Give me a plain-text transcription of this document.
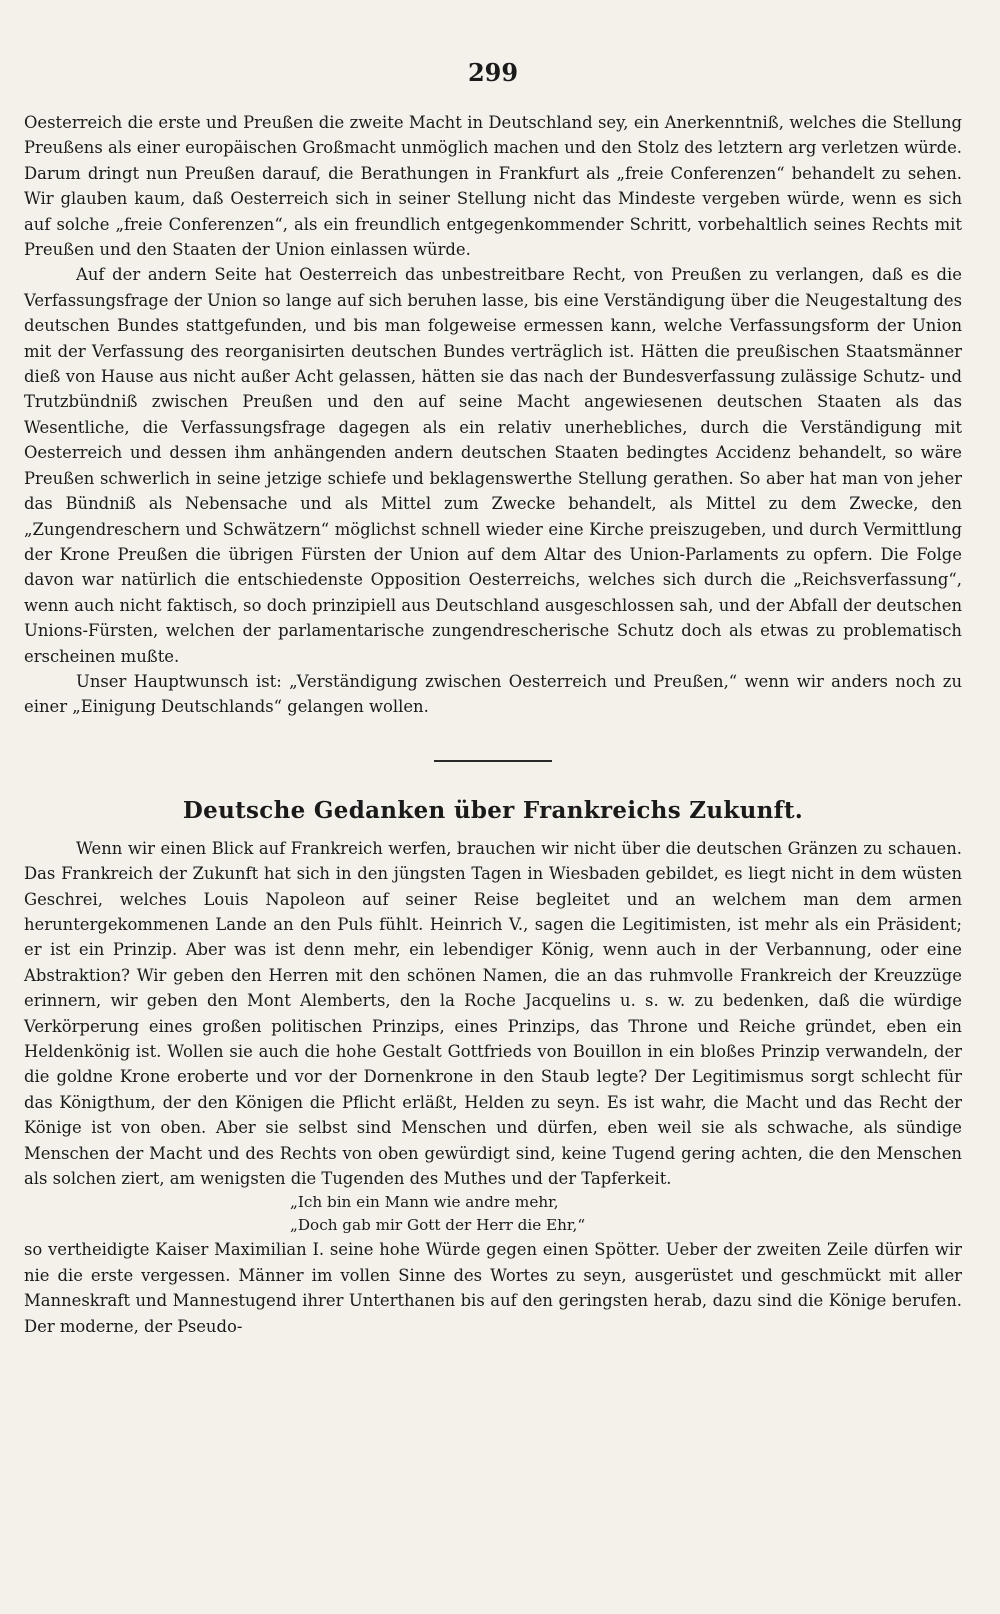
299

Oesterreich die erste und Preußen die zweite Macht in Deutschland sey, ein Anerkenntniß, welches die Stellung Preußens als einer europäischen Großmacht unmöglich machen und den Stolz des letztern arg verletzen würde. Darum dringt nun Preußen darauf, die Berathungen in Frankfurt als „freie Conferenzen“ behandelt zu sehen. Wir glauben kaum, daß Oesterreich sich in seiner Stellung nicht das Mindeste vergeben würde, wenn es sich auf solche „freie Conferenzen“, als ein freundlich entgegenkommender Schritt, vorbehaltlich seines Rechts mit Preußen und den Staaten der Union einlassen würde.

Auf der andern Seite hat Oesterreich das unbestreitbare Recht, von Preußen zu verlangen, daß es die Verfassungsfrage der Union so lange auf sich beruhen lasse, bis eine Verständigung über die Neugestaltung des deutschen Bundes stattgefunden, und bis man folgeweise ermessen kann, welche Verfassungsform der Union mit der Verfassung des reorganisirten deutschen Bundes verträglich ist. Hätten die preußischen Staatsmänner dieß von Hause aus nicht außer Acht gelassen, hätten sie das nach der Bundesverfassung zulässige Schutz- und Trutzbündniß zwischen Preußen und den auf seine Macht angewiesenen deutschen Staaten als das Wesentliche, die Verfassungsfrage dagegen als ein relativ unerhebliches, durch die Verständigung mit Oesterreich und dessen ihm anhängenden andern deutschen Staaten bedingtes Accidenz behandelt, so wäre Preußen schwerlich in seine jetzige schiefe und beklagenswerthe Stellung gerathen. So aber hat man von jeher das Bündniß als Nebensache und als Mittel zum Zwecke behandelt, als Mittel zu dem Zwecke, den „Zungendreschern und Schwätzern“ möglichst schnell wieder eine Kirche preiszugeben, und durch Vermittlung der Krone Preußen die übrigen Fürsten der Union auf dem Altar des Union-Parlaments zu opfern. Die Folge davon war natürlich die entschiedenste Opposition Oesterreichs, welches sich durch die „Reichsverfassung“, wenn auch nicht faktisch, so doch prinzipiell aus Deutschland ausgeschlossen sah, und der Abfall der deutschen Unions-Fürsten, welchen der parlamentarische zungendrescherische Schutz doch als etwas zu problematisch erscheinen mußte.

Unser Hauptwunsch ist: „Verständigung zwischen Oesterreich und Preußen,“ wenn wir anders noch zu einer „Einigung Deutschlands“ gelangen wollen.

Deutsche Gedanken über Frankreichs Zukunft.

Wenn wir einen Blick auf Frankreich werfen, brauchen wir nicht über die deutschen Gränzen zu schauen. Das Frankreich der Zukunft hat sich in den jüngsten Tagen in Wiesbaden gebildet, es liegt nicht in dem wüsten Geschrei, welches Louis Napoleon auf seiner Reise begleitet und an welchem man dem armen heruntergekommenen Lande an den Puls fühlt. Heinrich V., sagen die Legitimisten, ist mehr als ein Präsident; er ist ein Prinzip. Aber was ist denn mehr, ein lebendiger König, wenn auch in der Verbannung, oder eine Abstraktion? Wir geben den Herren mit den schönen Namen, die an das ruhmvolle Frankreich der Kreuzzüge erinnern, wir geben den Mont Alemberts, den la Roche Jacquelins u. s. w. zu bedenken, daß die würdige Verkörperung eines großen politischen Prinzips, eines Prinzips, das Throne und Reiche gründet, eben ein Heldenkönig ist. Wollen sie auch die hohe Gestalt Gottfrieds von Bouillon in ein bloßes Prinzip verwandeln, der die goldne Krone eroberte und vor der Dornenkrone in den Staub legte? Der Legitimismus sorgt schlecht für das Königthum, der den Königen die Pflicht erläßt, Helden zu seyn. Es ist wahr, die Macht und das Recht der Könige ist von oben. Aber sie selbst sind Menschen und dürfen, eben weil sie als schwache, als sündige Menschen der Macht und des Rechts von oben gewürdigt sind, keine Tugend gering achten, die den Menschen als solchen ziert, am wenigsten die Tugenden des Muthes und der Tapferkeit.

„Ich bin ein Mann wie andre mehr,

„Doch gab mir Gott der Herr die Ehr,“

so vertheidigte Kaiser Maximilian I. seine hohe Würde gegen einen Spötter. Ueber der zweiten Zeile dürfen wir nie die erste vergessen. Männer im vollen Sinne des Wortes zu seyn, ausgerüstet und geschmückt mit aller Manneskraft und Mannestugend ihrer Unterthanen bis auf den geringsten herab, dazu sind die Könige berufen. Der moderne, der Pseudo-
